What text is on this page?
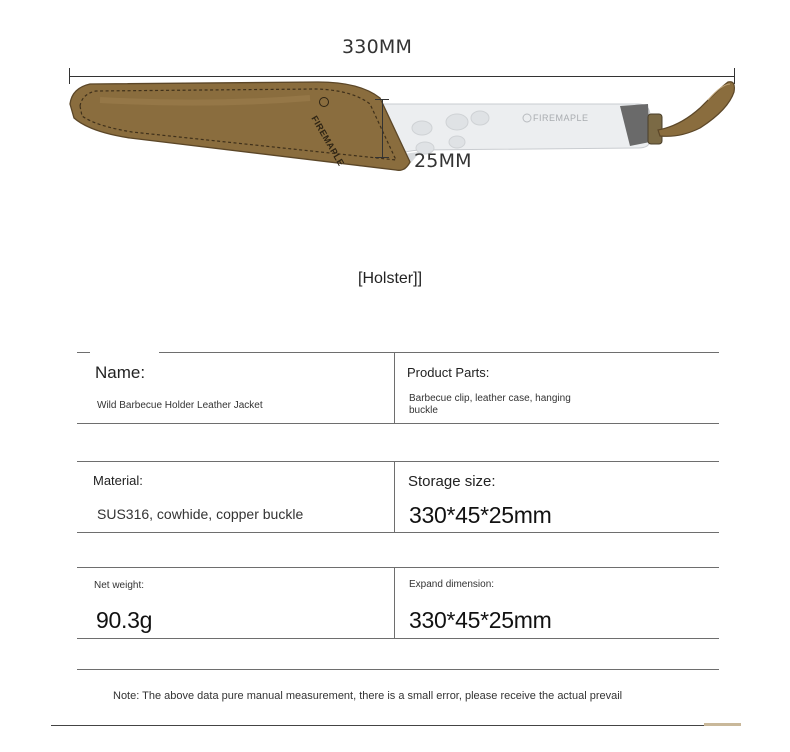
330MM
FIREMAPLE	FIREMAPLE
25MM
[Holster]]
Name:
Wild Barbecue Holder Leather Jacket
Product Parts:
Barbecue clip, leather case, hanging buckle
Material:
SUS316, cowhide, copper buckle
Storage size:
330*45*25mm
Net weight:
90.3g
Expand dimension:
330*45*25mm
Note: The above data pure manual measurement, there is a small error, please receive the actual prevail
